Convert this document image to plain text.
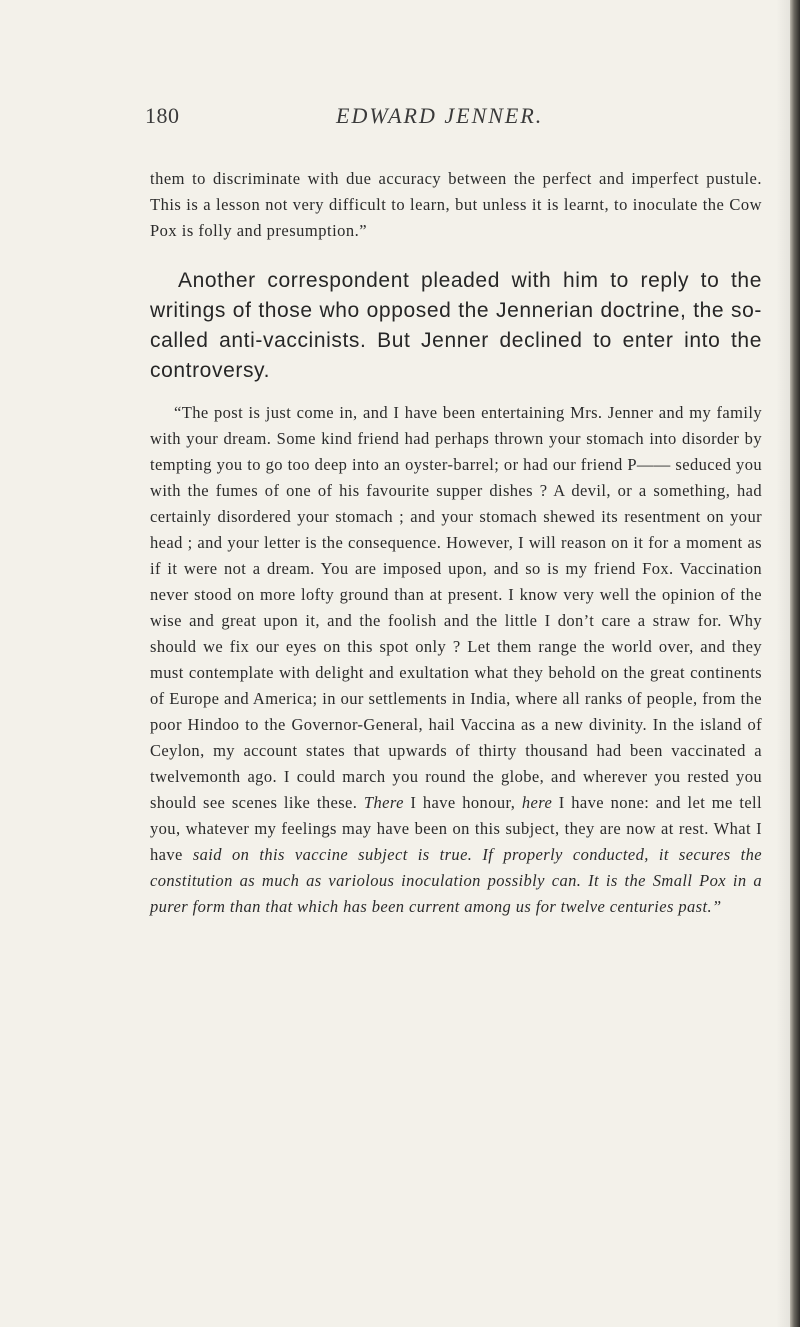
180	EDWARD JENNER.

them to discriminate with due accuracy between the perfect and imperfect pustule. This is a lesson not very difficult to learn, but unless it is learnt, to inoculate the Cow Pox is folly and presumption.”

Another correspondent pleaded with him to reply to the writings of those who opposed the Jennerian doctrine, the so-called anti-vaccinists. But Jenner declined to enter into the controversy.

“The post is just come in, and I have been entertaining Mrs. Jenner and my family with your dream. Some kind friend had perhaps thrown your stomach into disorder by tempting you to go too deep into an oyster-barrel; or had our friend P—— seduced you with the fumes of one of his favourite supper dishes ? A devil, or a something, had certainly disordered your stomach ; and your stomach shewed its resentment on your head ; and your letter is the consequence. However, I will reason on it for a moment as if it were not a dream. You are imposed upon, and so is my friend Fox. Vaccination never stood on more lofty ground than at present. I know very well the opinion of the wise and great upon it, and the foolish and the little I don’t care a straw for. Why should we fix our eyes on this spot only ? Let them range the world over, and they must contemplate with delight and exultation what they behold on the great continents of Europe and America; in our settlements in India, where all ranks of people, from the poor Hindoo to the Governor-General, hail Vaccina as a new divinity. In the island of Ceylon, my account states that upwards of thirty thousand had been vaccinated a twelvemonth ago. I could march you round the globe, and wherever you rested you should see scenes like these. There I have honour, here I have none: and let me tell you, whatever my feelings may have been on this subject, they are now at rest. What I have said on this vaccine subject is true. If properly conducted, it secures the constitution as much as variolous inoculation possibly can. It is the Small Pox in a purer form than that which has been current among us for twelve centuries past.”
